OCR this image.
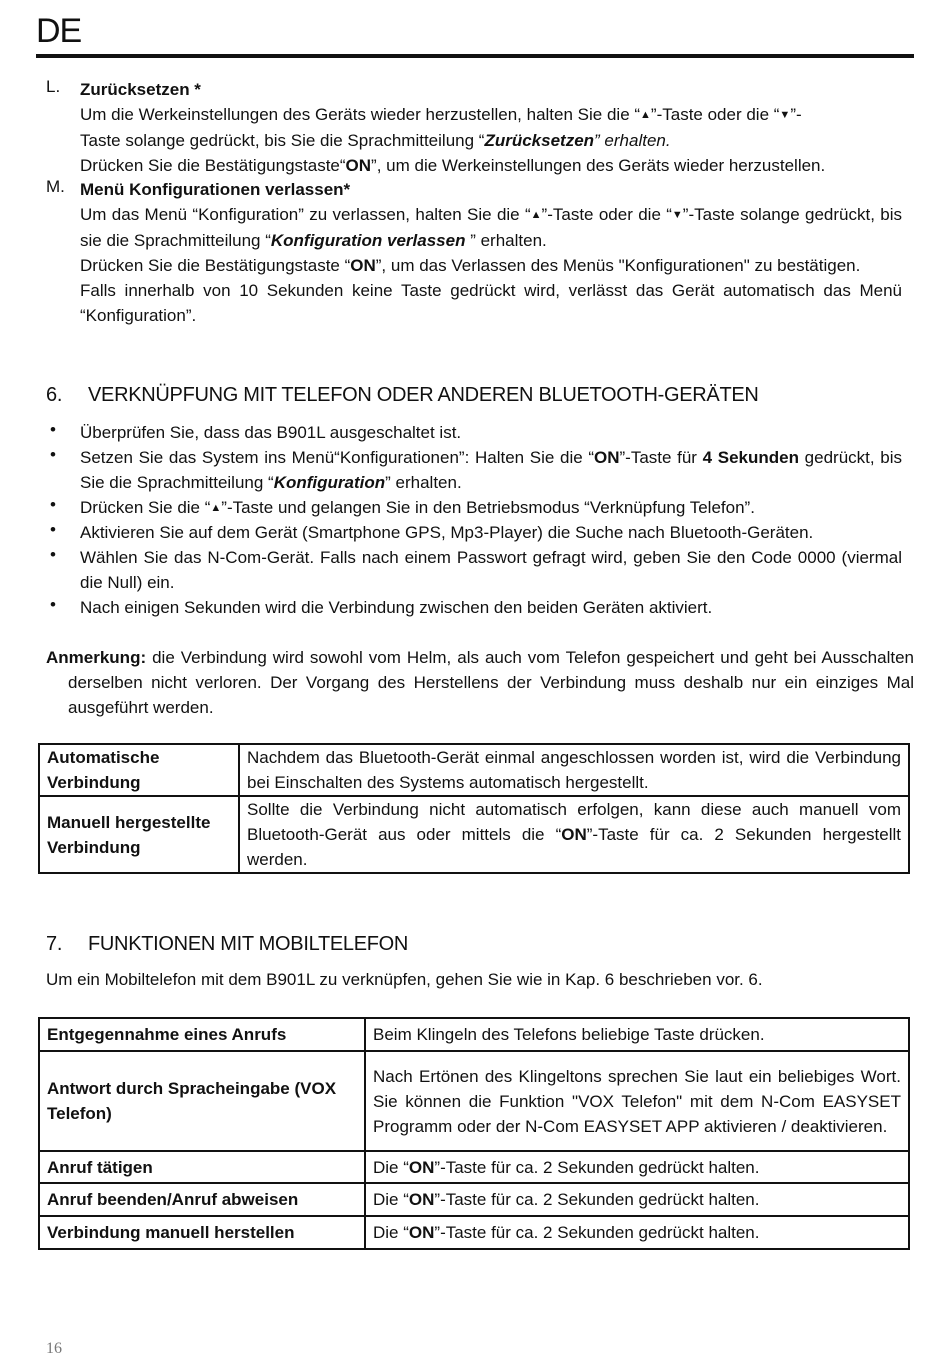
DE
L. Zurücksetzen *
Um die Werkeinstellungen des Geräts wieder herzustellen, halten Sie die “▲”-Taste oder die “▼”-
Taste solange gedrückt, bis Sie die Sprachmitteilung “Zurücksetzen” erhalten.
Drücken Sie die Bestätigungstaste“ON”, um die Werkeinstellungen des Geräts wieder herzustellen.
M. Menü Konfigurationen verlassen*
Um das Menü “Konfiguration” zu verlassen, halten Sie die “▲”-Taste oder die “▼”-Taste solange gedrückt, bis sie die Sprachmitteilung “Konfiguration verlassen ” erhalten.
Drücken Sie die Bestätigungstaste “ON”, um das Verlassen des Menüs "Konfigurationen" zu bestätigen.
Falls innerhalb von 10 Sekunden keine Taste gedrückt wird, verlässt das Gerät automatisch das Menü “Konfiguration”.
6. VERKNÜPFUNG MIT TELEFON ODER ANDEREN BLUETOOTH-GERÄTEN
• Überprüfen Sie, dass das B901L ausgeschaltet ist.
• Setzen Sie das System ins Menü“Konfigurationen”: Halten Sie die “ON”-Taste für 4 Sekunden gedrückt, bis Sie die Sprachmitteilung “Konfiguration” erhalten.
• Drücken Sie die “▲”-Taste und gelangen Sie in den Betriebsmodus “Verknüpfung Telefon”.
• Aktivieren Sie auf dem Gerät (Smartphone GPS, Mp3-Player) die Suche nach Bluetooth-Geräten.
• Wählen Sie das N-Com-Gerät. Falls nach einem Passwort gefragt wird, geben Sie den Code 0000 (viermal die Null) ein.
• Nach einigen Sekunden wird die Verbindung zwischen den beiden Geräten aktiviert.
Anmerkung: die Verbindung wird sowohl vom Helm, als auch vom Telefon gespeichert und geht bei Ausschalten derselben nicht verloren. Der Vorgang des Herstellens der Verbindung muss deshalb nur ein einziges Mal ausgeführt werden.
Automatische Verbindung	Nachdem das Bluetooth-Gerät einmal angeschlossen worden ist, wird die Verbindung bei Einschalten des Systems automatisch hergestellt.
Manuell hergestellte Verbindung	Sollte die Verbindung nicht automatisch erfolgen, kann diese auch manuell vom Bluetooth-Gerät aus oder mittels die “ON”-Taste für ca. 2 Sekunden hergestellt werden.
7. FUNKTIONEN MIT MOBILTELEFON
Um ein Mobiltelefon mit dem B901L zu verknüpfen, gehen Sie wie in Kap. 6 beschrieben vor. 6.
Entgegennahme eines Anrufs	Beim Klingeln des Telefons beliebige Taste drücken.
Antwort durch Spracheingabe (VOX Telefon)	Nach Ertönen des Klingeltons sprechen Sie laut ein beliebiges Wort. Sie können die Funktion "VOX Telefon" mit dem N-Com EASYSET Programm oder der N-Com EASYSET APP aktivieren / deaktivieren.
Anruf tätigen	Die “ON”-Taste für ca. 2 Sekunden gedrückt halten.
Anruf beenden/Anruf abweisen	Die “ON”-Taste für ca. 2 Sekunden gedrückt halten.
Verbindung manuell herstellen	Die “ON”-Taste für ca. 2 Sekunden gedrückt halten.
16
